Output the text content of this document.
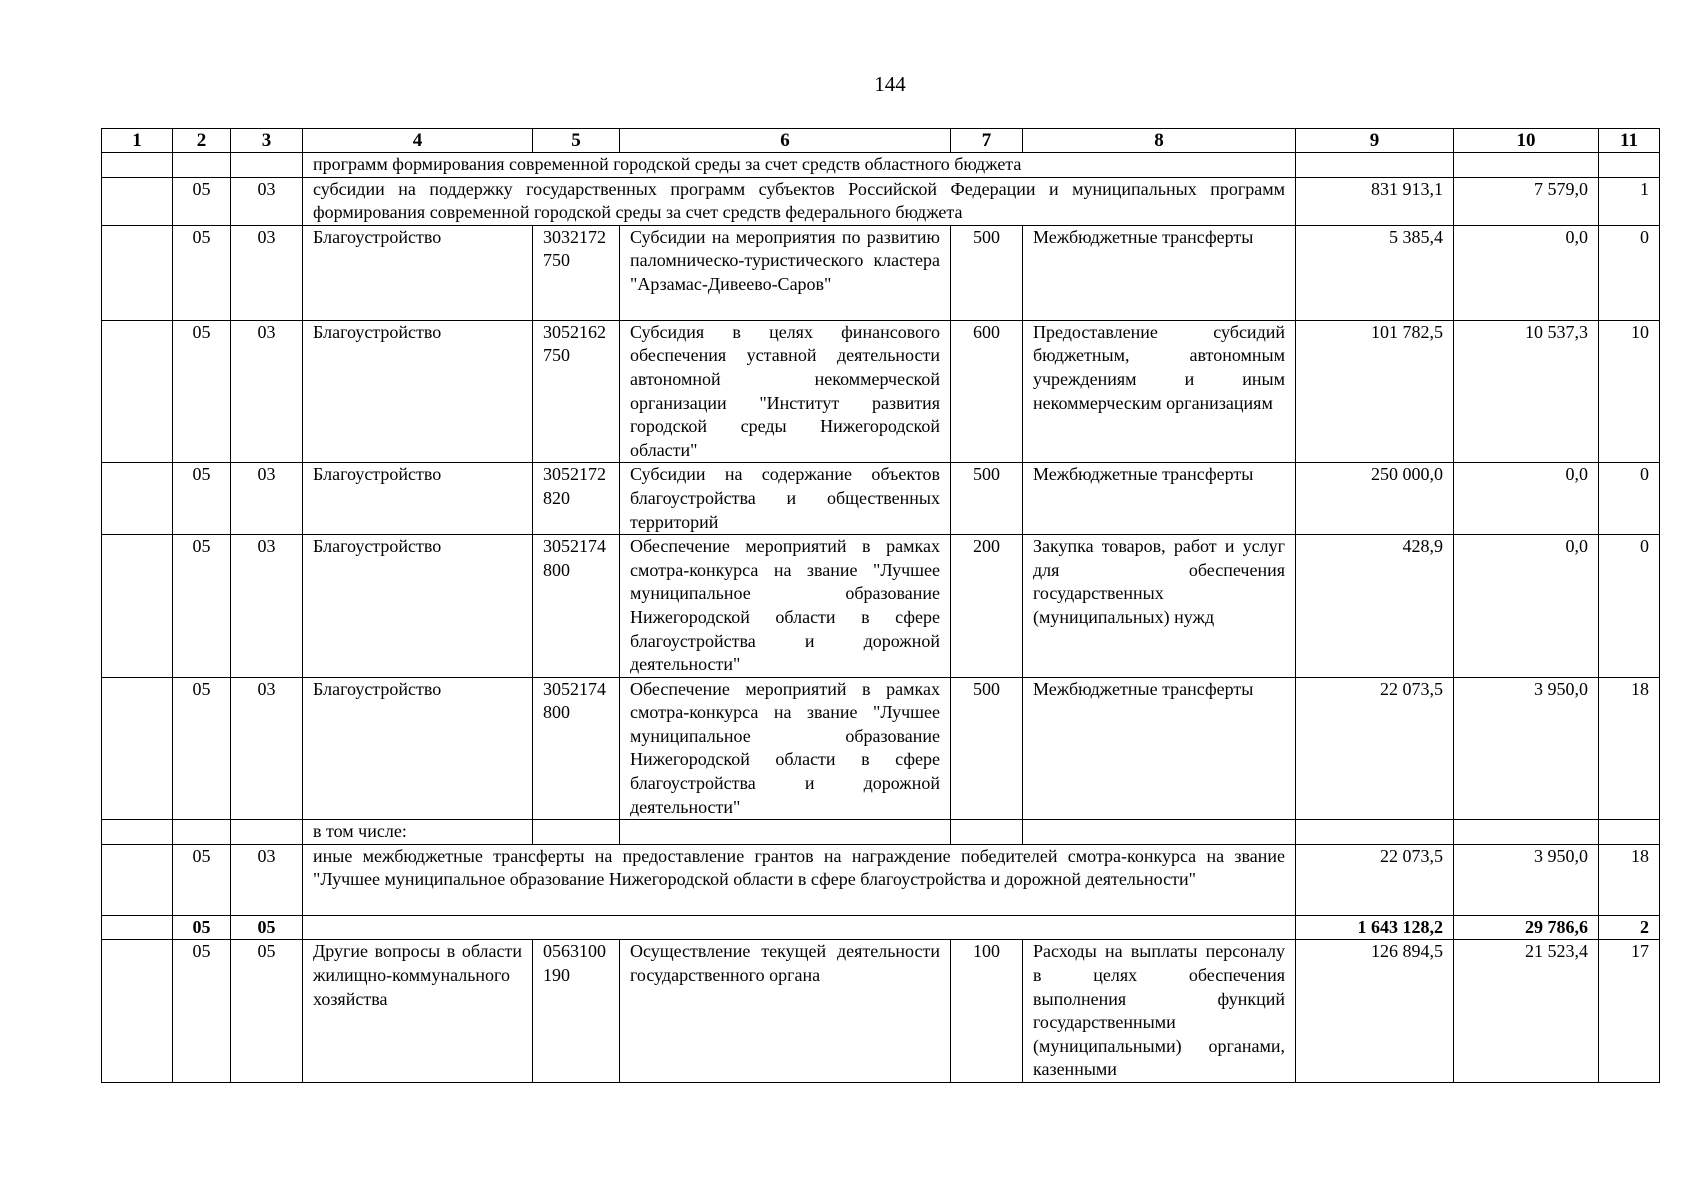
144
1	2	3	4	5	6	7	8	9	10	11
			программ формирования современной городской среды за счет средств областного бюджета							
	05	03	субсидии на поддержку государственных программ субъектов Российской Федерации и муниципальных программ формирования современной городской среды за счет средств федерального бюджета					831 913,1	7 579,0	1
	05	03	Благоустройство	3032172750	Субсидии на мероприятия по развитию паломническо-туристического кластера "Арзамас-Дивеево-Саров"	500	Межбюджетные трансферты	5 385,4	0,0	0
	05	03	Благоустройство	3052162750	Субсидия в целях финансового обеспечения уставной деятельности автономной некоммерческой организации "Институт развития городской среды Нижегородской области"	600	Предоставление субсидий бюджетным, автономным учреждениям и иным некоммерческим организациям	101 782,5	10 537,3	10
	05	03	Благоустройство	3052172820	Субсидии на содержание объектов благоустройства и общественных территорий	500	Межбюджетные трансферты	250 000,0	0,0	0
	05	03	Благоустройство	3052174800	Обеспечение мероприятий в рамках смотра-конкурса на звание "Лучшее муниципальное образование Нижегородской области в сфере благоустройства и дорожной деятельности"	200	Закупка товаров, работ и услуг для обеспечения государственных (муниципальных) нужд	428,9	0,0	0
	05	03	Благоустройство	3052174800	Обеспечение мероприятий в рамках смотра-конкурса на звание "Лучшее муниципальное образование Нижегородской области в сфере благоустройства и дорожной деятельности"	500	Межбюджетные трансферты	22 073,5	3 950,0	18
			в том числе:							
	05	03	иные межбюджетные трансферты на предоставление грантов на награждение победителей смотра-конкурса на звание "Лучшее муниципальное образование Нижегородской области в сфере благоустройства и дорожной деятельности"					22 073,5	3 950,0	18
	05	05						1 643 128,2	29 786,6	2
	05	05	Другие вопросы в области жилищно-коммунального хозяйства	0563100190	Осуществление текущей деятельности государственного органа	100	Расходы на выплаты персоналу в целях обеспечения выполнения функций государственными (муниципальными) органами, казенными	126 894,5	21 523,4	17
